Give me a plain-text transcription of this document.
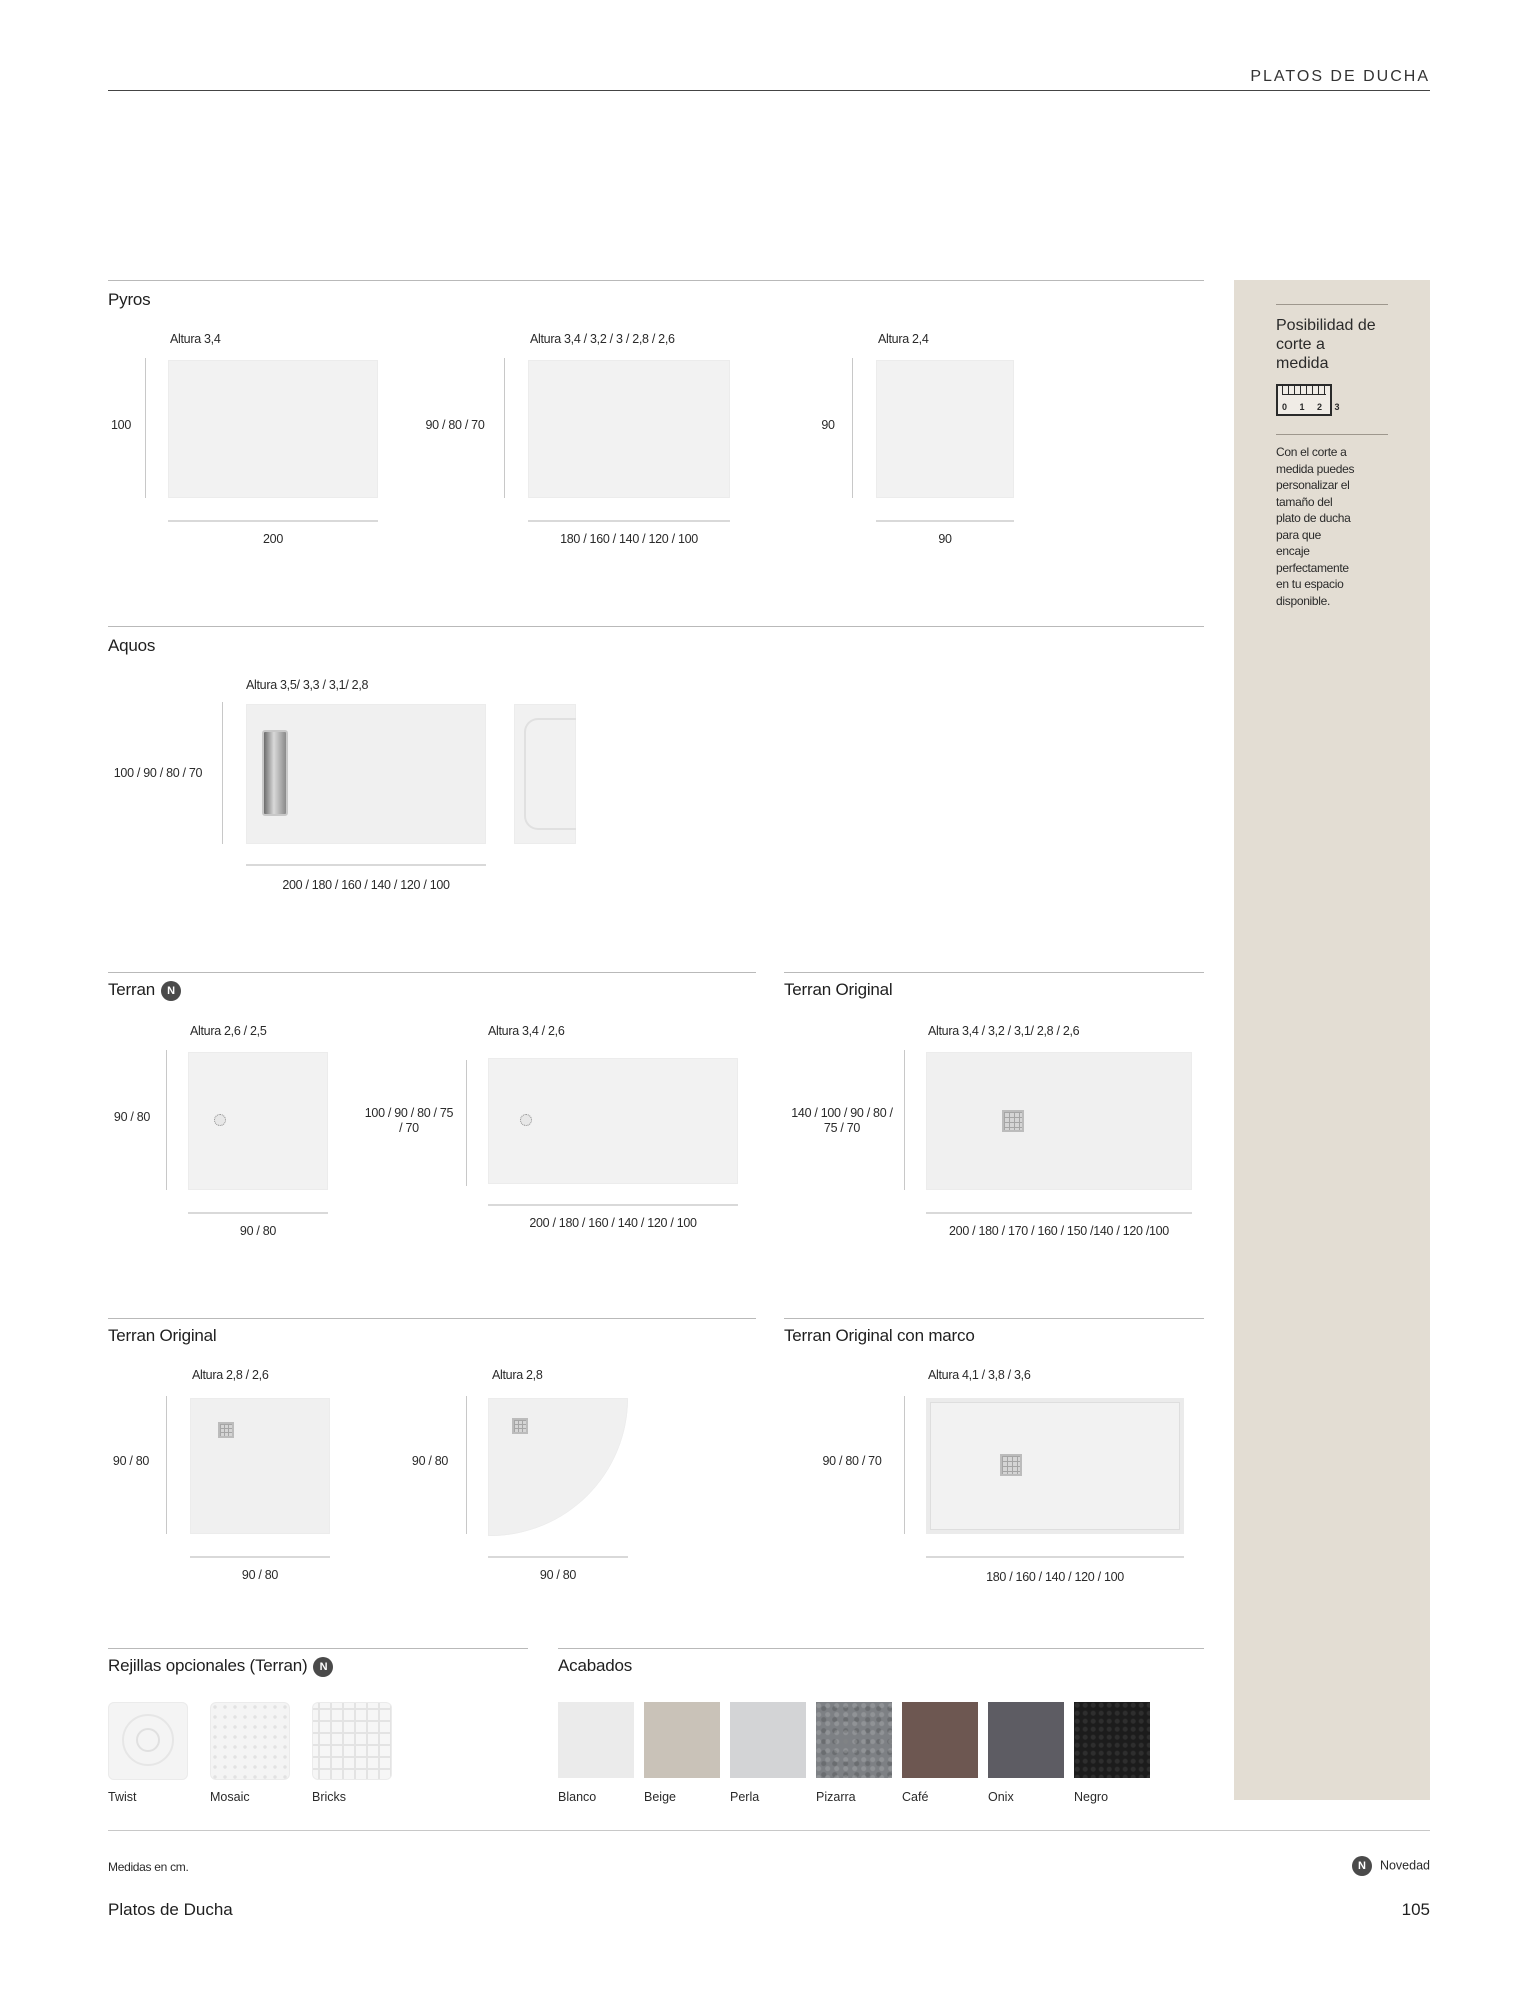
PLATOS DE DUCHA
Posibilidad de corte a medida
0 1 2 3
Con el corte a medida puedes personalizar el tamaño del plato de ducha para que encaje perfectamente en tu espacio disponible.
Pyros
Altura 3,4
100
200
Altura 3,4 / 3,2 / 3 / 2,8 / 2,6
90 / 80 / 70
180 / 160 / 140 / 120 / 100
Altura 2,4
90
90
Aquos
Altura 3,5/ 3,3 / 3,1/ 2,8
100 / 90 / 80 / 70
200 / 180 / 160 / 140 / 120 / 100
Terran N
Altura 2,6 / 2,5
90 / 80
90 / 80
Altura 3,4 / 2,6
100 / 90 / 80 / 75 / 70
200 / 180 / 160 / 140 / 120 / 100
Terran Original
Altura 3,4 / 3,2 / 3,1/ 2,8 / 2,6
140 / 100 / 90 / 80 / 75 / 70
200 / 180 / 170 / 160 / 150 /140 / 120 /100
Terran Original
Altura 2,8 / 2,6
90 / 80
90 / 80
Altura 2,8
90 / 80
90 / 80
Terran Original con marco
Altura 4,1 / 3,8 / 3,6
90 / 80 / 70
180 / 160 / 140 / 120 / 100
Rejillas opcionales (Terran) N
Twist	Mosaic	Bricks
Acabados
Blanco	Beige	Perla	Pizarra	Café	Onix	Negro
Medidas en cm.	N Novedad
Platos de Ducha	105
